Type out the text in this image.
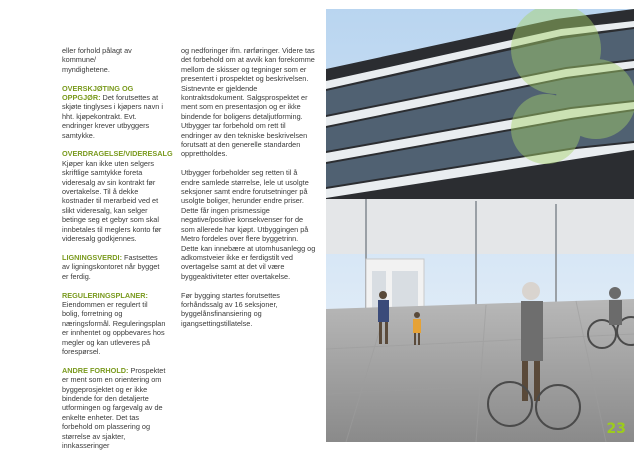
eller forhold pålagt av kommune/
myndighetene.

OVERSKJØTING OG OPPGJØR: Det forutsettes at skjøte tinglyses i kjøpers navn i hht. kjøpekontrakt. Evt. endringer krever utbyggers samtykke.

OVERDRAGELSE/VIDERESALG
Kjøper kan ikke uten selgers skriftlige samtykke foreta videresalg av sin kontrakt før overtakelse. Til å dekke kostnader til merarbeid ved et slikt videresalg, kan selger betinge seg et gebyr som skal innbetales til meglers konto før videresalg godkjennes.

LIGNINGSVERDI: Fastsettes av ligningskontoret når bygget er ferdig.

REGULERINGSPLANER: Eiendommen er regulert til bolig, forretning og næringsformål. Reguleringsplan er innhentet og oppbevares hos megler og kan utleveres på forespørsel.

ANDRE FORHOLD: Prospektet er ment som en orientering om byggeprosjektet og er ikke bindende for den detaljerte utformingen og fargevalg av de enkelte enheter. Det tas forbehold om plassering og størrelse av sjakter, innkasseringer

og nedforinger ifm. rørføringer. Videre tas det forbehold om at avvik kan forekomme mellom de skisser og tegninger som er presentert i prospektet og beskrivelsen. Sistnevnte er gjeldende kontraktsdokument. Salgsprospektet er ment som en presentasjon og er ikke bindende for boligens detaljutforming. Utbygger tar forbehold om rett til endringer av den tekniske beskrivelsen forutsatt at den generelle standarden opprettholdes.

Utbygger forbeholder seg retten til å endre samlede størrelse, lele ut usolgte seksjoner samt endre forutsetninger på usolgte boliger, herunder endre priser. Dette får ingen prismessige negative/positive konsekvenser for de som allerede har kjøpt. Utbyggingen på Metro fordeles over flere byggetrinn. Dette kan innebære at utomhusanlegg og adkomstveier ikke er ferdigstilt ved overtagelse samt at det vil være byggeaktiviteter etter overtakelse.

Før bygging startes forutsettes forhåndssalg av 16 seksjoner, byggelånsfinansiering og igangsettingstillatelse.

23
